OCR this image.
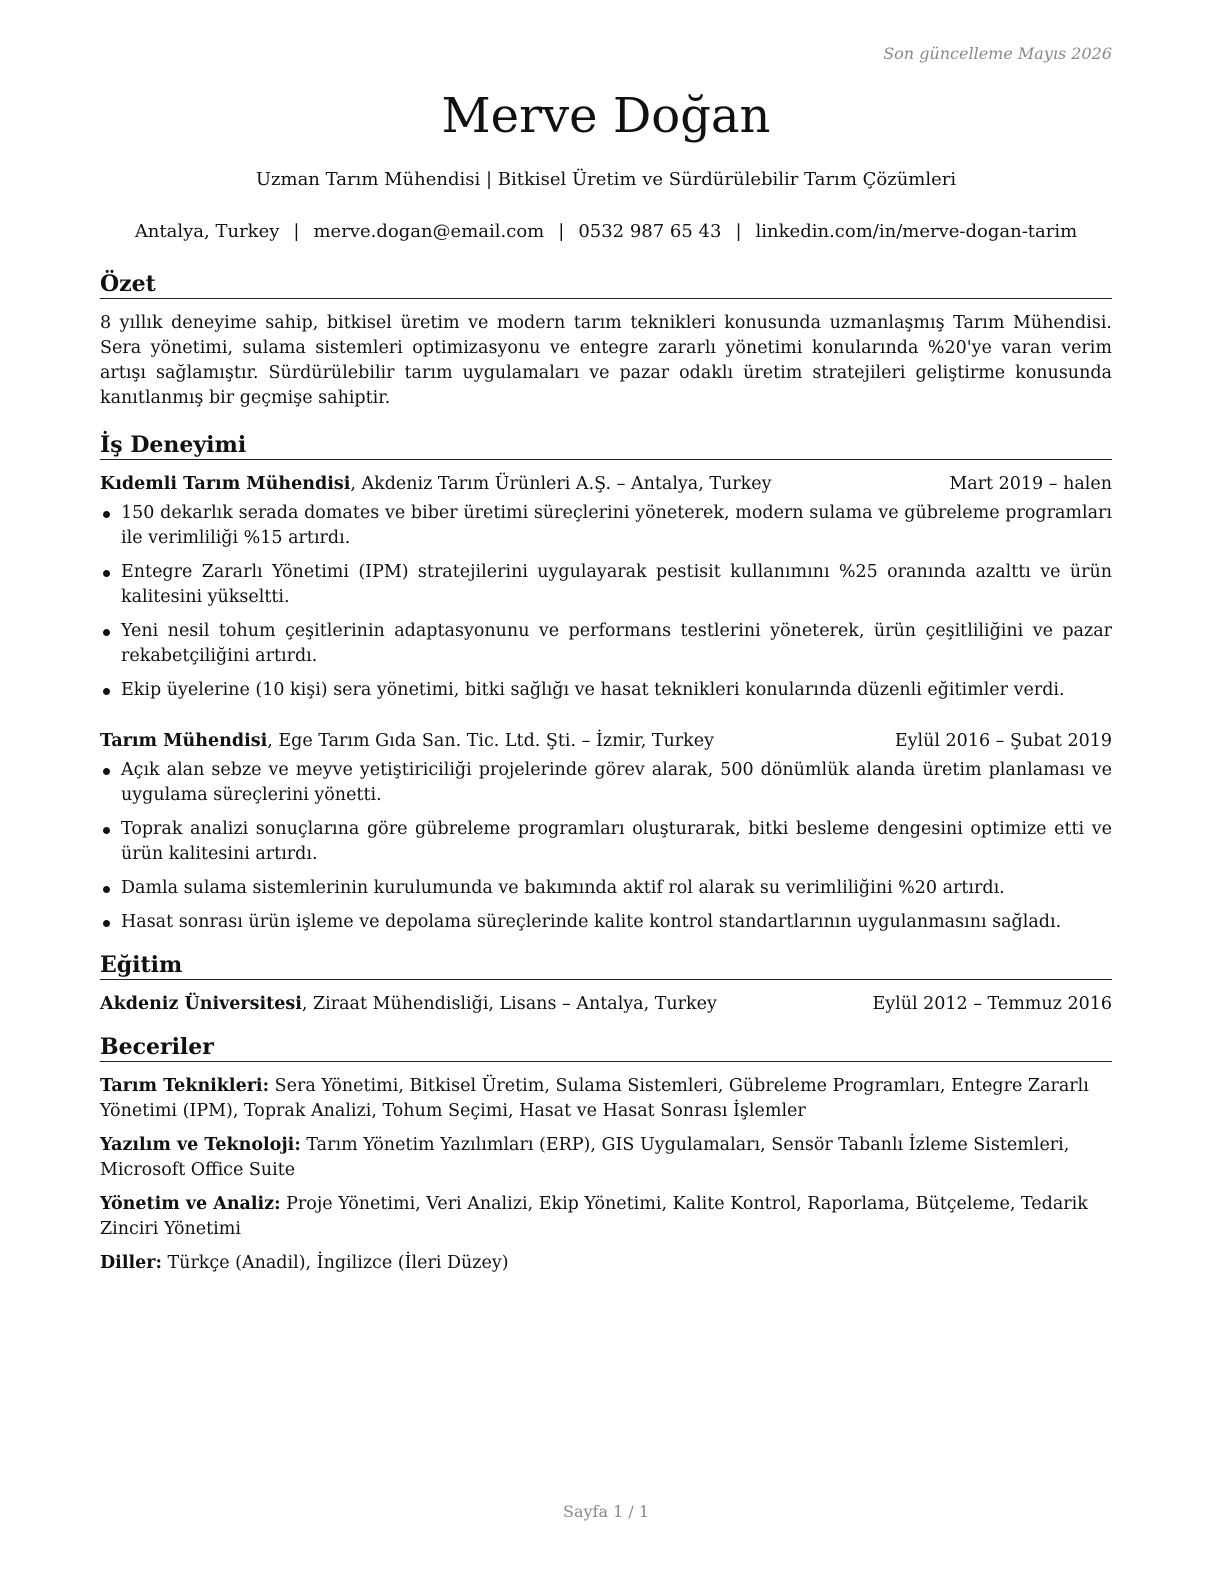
Son güncelleme Mayıs 2026
Merve Doğan
Uzman Tarım Mühendisi | Bitkisel Üretim ve Sürdürülebilir Tarım Çözümleri
Antalya, Turkey | merve.dogan@email.com | 0532 987 65 43 | linkedin.com/in/merve-dogan-tarim
Özet

8 yıllık deneyime sahip, bitkisel üretim ve modern tarım teknikleri konusunda uzmanlaşmış Tarım Mühendisi. Sera yönetimi, sulama sistemleri optimizasyonu ve entegre zararlı yönetimi konularında %20'ye varan verim artışı sağlamıştır. Sürdürülebilir tarım uygulamaları ve pazar odaklı üretim stratejileri geliştirme konusunda kanıtlanmış bir geçmişe sahiptir.

İş Deneyimi
Kıdemli Tarım Mühendisi, Akdeniz Tarım Ürünleri A.Ş. – Antalya, Turkey	Mart 2019 – halen
150 dekarlık serada domates ve biber üretimi süreçlerini yöneterek, modern sulama ve gübreleme programları ile verimliliği %15 artırdı.
Entegre Zararlı Yönetimi (IPM) stratejilerini uygulayarak pestisit kullanımını %25 oranında azalttı ve ürün kalitesini yükseltti.
Yeni nesil tohum çeşitlerinin adaptasyonunu ve performans testlerini yöneterek, ürün çeşitliliğini ve pazar rekabetçiliğini artırdı.
Ekip üyelerine (10 kişi) sera yönetimi, bitki sağlığı ve hasat teknikleri konularında düzenli eğitimler verdi.
Tarım Mühendisi, Ege Tarım Gıda San. Tic. Ltd. Şti. – İzmir, Turkey	Eylül 2016 – Şubat 2019
Açık alan sebze ve meyve yetiştiriciliği projelerinde görev alarak, 500 dönümlük alanda üretim planlaması ve uygulama süreçlerini yönetti.
Toprak analizi sonuçlarına göre gübreleme programları oluşturarak, bitki besleme dengesini optimize etti ve ürün kalitesini artırdı.
Damla sulama sistemlerinin kurulumunda ve bakımında aktif rol alarak su verimliliğini %20 artırdı.
Hasat sonrası ürün işleme ve depolama süreçlerinde kalite kontrol standartlarının uygulanmasını sağladı.
Eğitim
Akdeniz Üniversitesi, Ziraat Mühendisliği, Lisans – Antalya, Turkey	Eylül 2012 – Temmuz 2016
Beceriler
Tarım Teknikleri: Sera Yönetimi, Bitkisel Üretim, Sulama Sistemleri, Gübreleme Programları, Entegre Zararlı Yönetimi (IPM), Toprak Analizi, Tohum Seçimi, Hasat ve Hasat Sonrası İşlemler
Yazılım ve Teknoloji: Tarım Yönetim Yazılımları (ERP), GIS Uygulamaları, Sensör Tabanlı İzleme Sistemleri, Microsoft Office Suite
Yönetim ve Analiz: Proje Yönetimi, Veri Analizi, Ekip Yönetimi, Kalite Kontrol, Raporlama, Bütçeleme, Tedarik Zinciri Yönetimi
Diller: Türkçe (Anadil), İngilizce (İleri Düzey)
Sayfa 1 / 1
